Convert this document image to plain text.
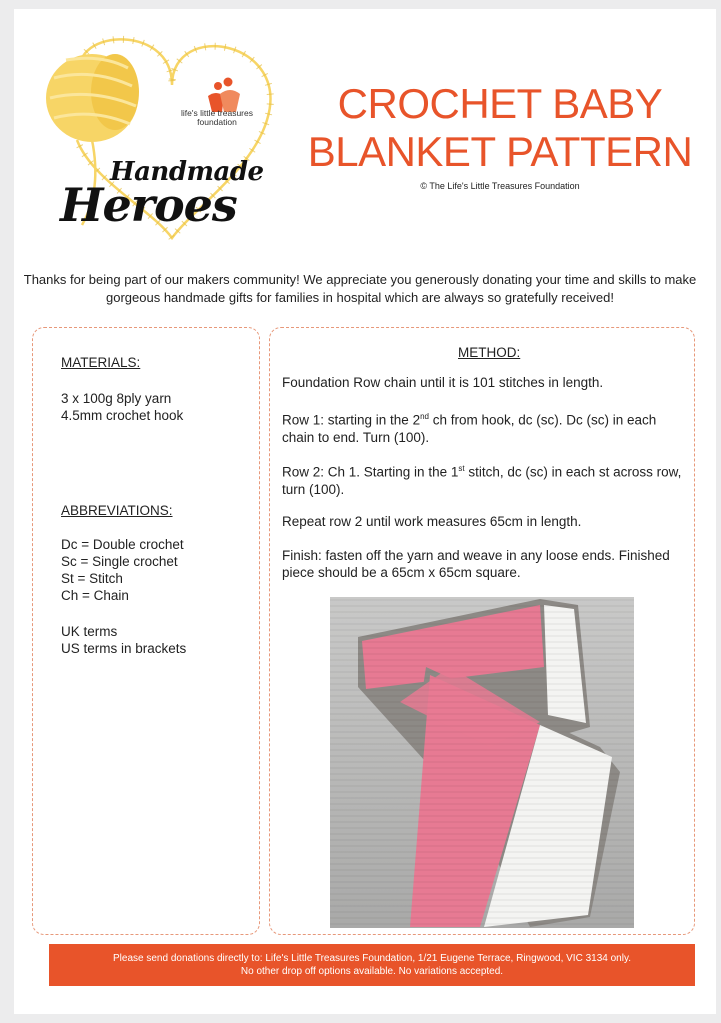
life's little treasures
foundation
Handmade
Heroes
CROCHET BABY
BLANKET PATTERN
© The Life's Little Treasures Foundation
Thanks for being part of our makers community! We appreciate you generously donating your time and skills to make gorgeous handmade gifts for families in hospital which are always so gratefully received!
MATERIALS:
3 x 100g 8ply yarn
4.5mm crochet hook
ABBREVIATIONS:
Dc = Double crochet
Sc = Single crochet
St = Stitch
Ch = Chain
UK terms
US terms in brackets
METHOD:
Foundation Row chain until it is 101 stitches in length.
Row 1: starting in the 2nd ch from hook, dc (sc). Dc (sc) in each chain to end. Turn (100).
Row 2: Ch 1. Starting in the 1st stitch, dc (sc) in each st across row, turn (100).
Repeat row 2 until work measures 65cm in length.
Finish: fasten off the yarn and weave in any loose ends. Finished piece should be a 65cm x 65cm square.
Please send donations directly to: Life's Little Treasures Foundation, 1/21 Eugene Terrace, Ringwood, VIC 3134 only.
No other drop off options available. No variations accepted.
